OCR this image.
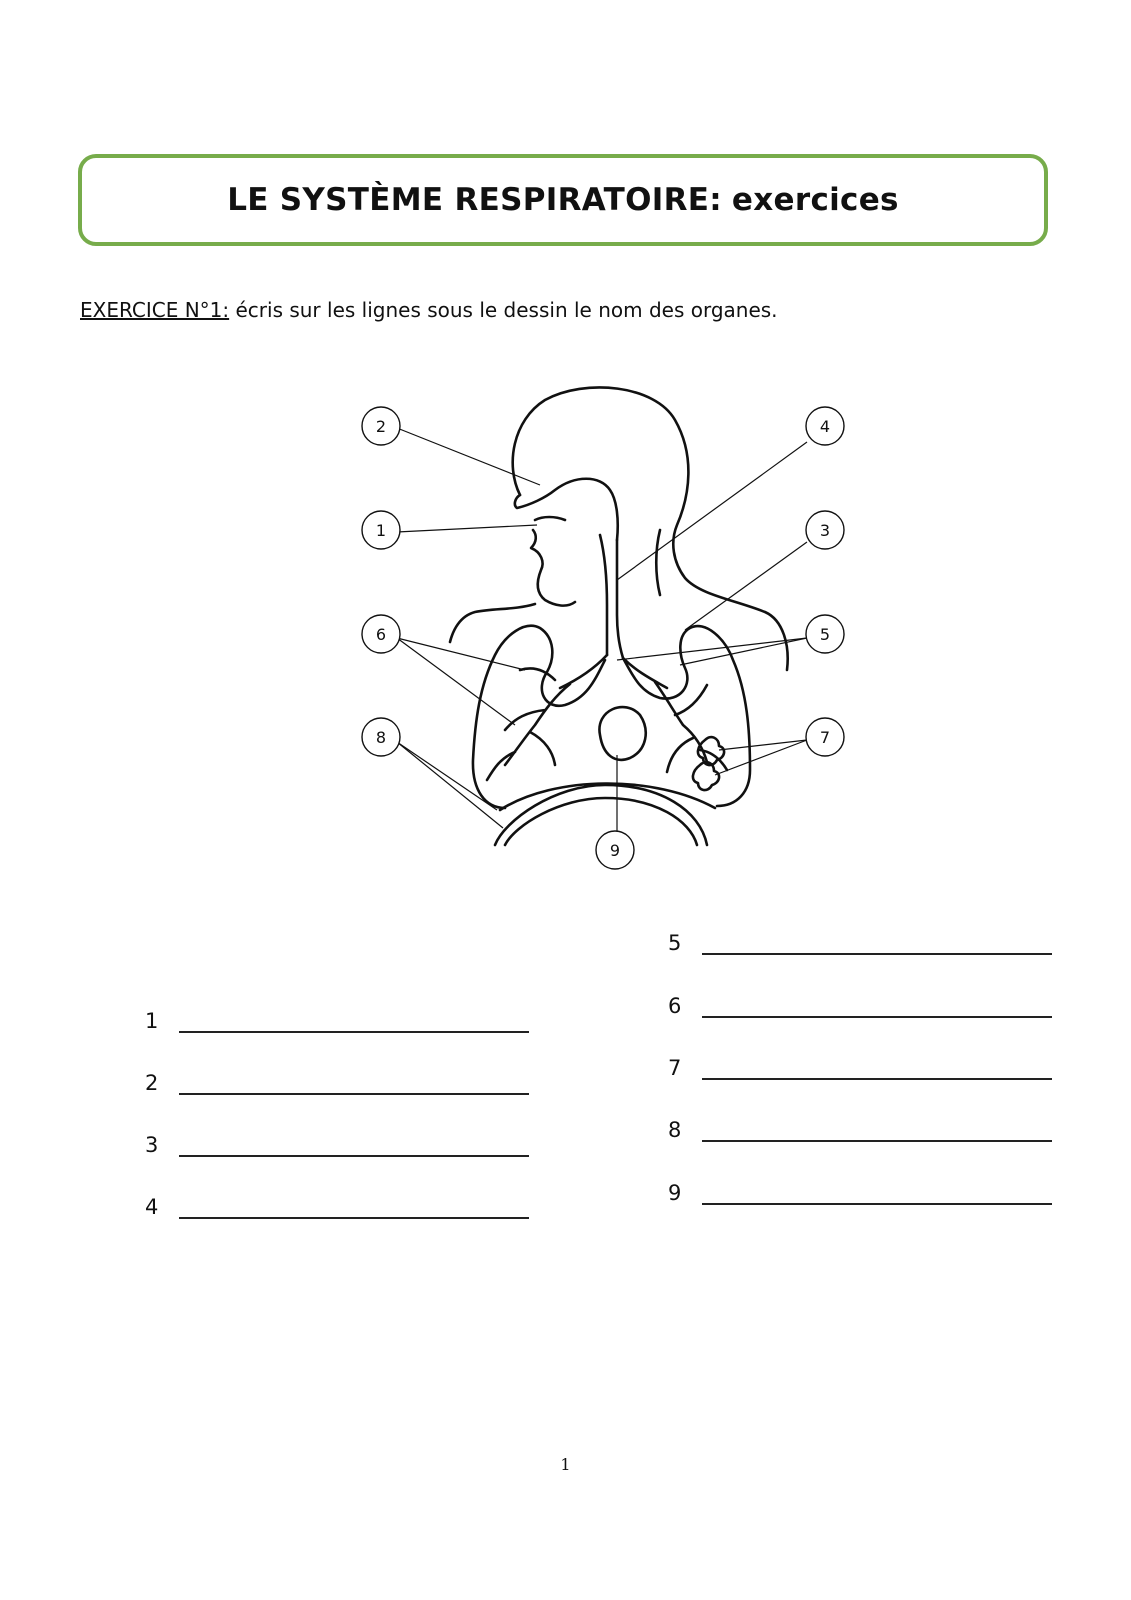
LE SYSTÈME RESPIRATOIRE: exercices
EXERCICE N°1: écris sur les lignes sous le dessin le nom des organes.
2
1
4
3
6	5
8	7
9
1
2
3
4
5
6
7
8
9
1
